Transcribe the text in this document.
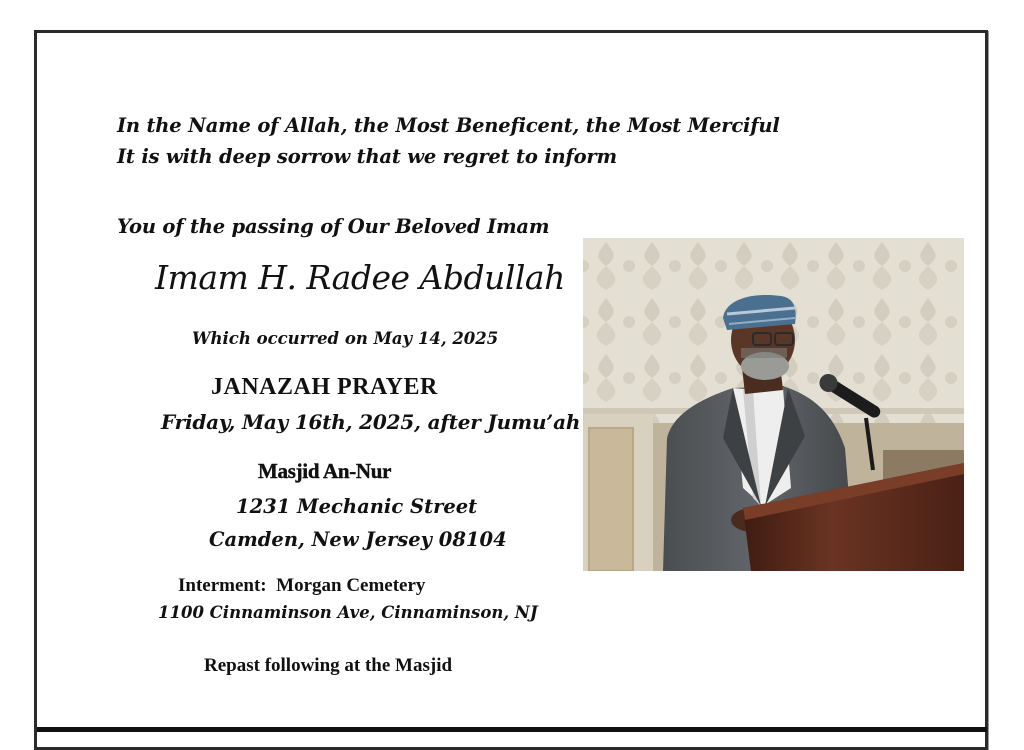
In the Name of Allah, the Most Beneficent, the Most Merciful
It is with deep sorrow that we regret to inform
You of the passing of Our Beloved Imam
Imam H. Radee Abdullah
Which occurred on May 14, 2025
JANAZAH PRAYER
Friday, May 16th, 2025, after Jumu’ah
Masjid An-Nur
1231 Mechanic Street
Camden, New Jersey 08104
Interment:  Morgan Cemetery
1100 Cinnaminson Ave, Cinnaminson, NJ
Repast following at the Masjid
